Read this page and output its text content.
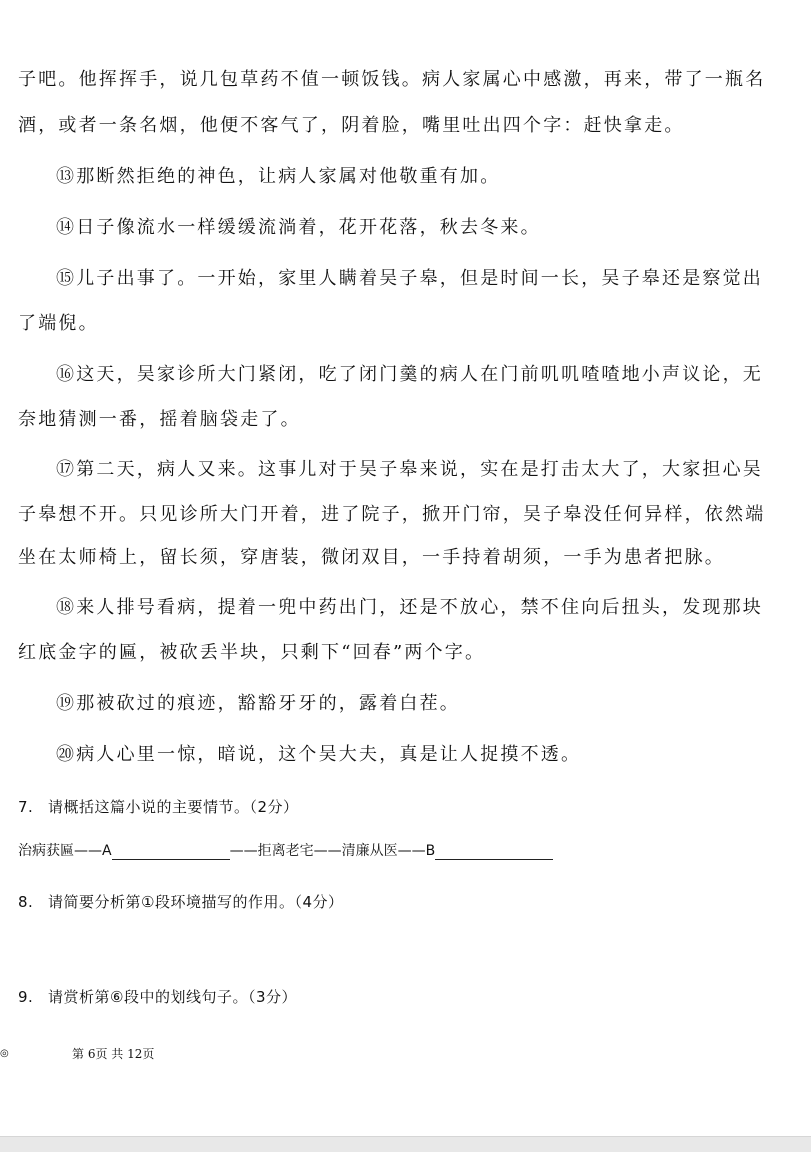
子吧。他挥挥手，说几包草药不值一顿饭钱。病人家属心中感激，再来，带了一瓶名
酒，或者一条名烟，他便不客气了，阴着脸，嘴里吐出四个字：赶快拿走。
⑬那断然拒绝的神色，让病人家属对他敬重有加。
⑭日子像流水一样缓缓流淌着，花开花落，秋去冬来。
⑮儿子出事了。一开始，家里人瞒着吴子皋，但是时间一长，吴子皋还是察觉出
了端倪。
⑯这天，吴家诊所大门紧闭，吃了闭门羹的病人在门前叽叽喳喳地小声议论，无
奈地猜测一番，摇着脑袋走了。
⑰第二天，病人又来。这事儿对于吴子皋来说，实在是打击太大了，大家担心吴
子皋想不开。只见诊所大门开着，进了院子，掀开门帘，吴子皋没任何异样，依然端
坐在太师椅上，留长须，穿唐装，微闭双目，一手持着胡须，一手为患者把脉。
⑱来人排号看病，提着一兜中药出门，还是不放心，禁不住向后扭头，发现那块
红底金字的匾，被砍丢半块，只剩下“回春”两个字。
⑲那被砍过的痕迹，豁豁牙牙的，露着白茬。
⑳病人心里一惊，暗说，这个吴大夫，真是让人捉摸不透。
7. 请概括这篇小说的主要情节。（2分）
治病获匾——A	——拒离老宅——清廉从医——B
8. 请简要分析第①段环境描写的作用。（4分）
9. 请赏析第⑥段中的划线句子。（3分）
◎	第 6页 共 12页
